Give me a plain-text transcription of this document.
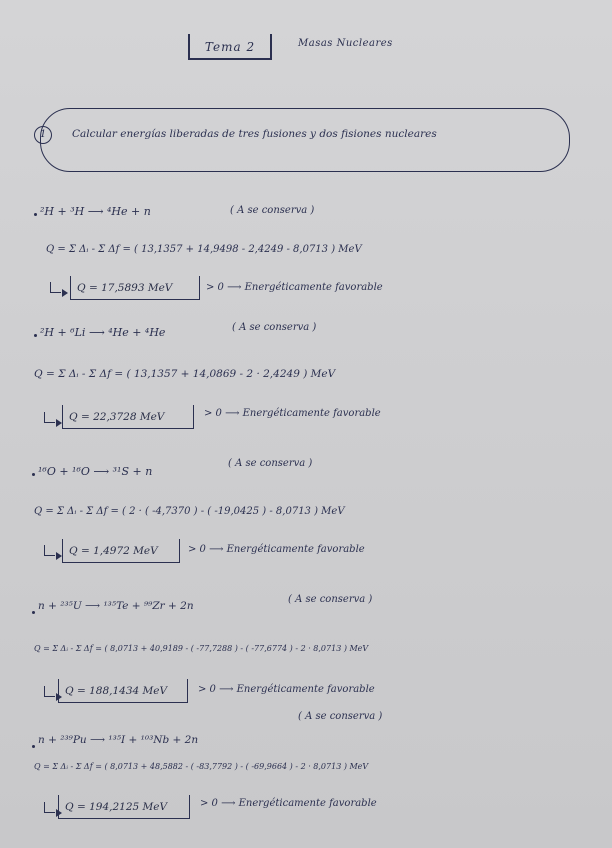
Tema 2	Masas Nucleares
1	Calcular energías liberadas de tres fusiones y dos fisiones nucleares
²H + ³H ⟶ ⁴He + n	( A se conserva )
Q = Σ Δᵢ - Σ Δf = ( 13,1357 + 14,9498 - 2,4249 - 8,0713 ) MeV
Q = 17,5893 MeV	> 0 ⟶ Energéticamente favorable
²H + ⁶Li ⟶ ⁴He + ⁴He	( A se conserva )
Q = Σ Δᵢ - Σ Δf = ( 13,1357 + 14,0869 - 2 · 2,4249 ) MeV
Q = 22,3728 MeV	> 0 ⟶ Energéticamente favorable
¹⁶O + ¹⁶O ⟶ ³¹S + n
( A se conserva )
Q = Σ Δᵢ - Σ Δf = ( 2 · ( -4,7370 ) - ( -19,0425 ) - 8,0713 ) MeV
Q = 1,4972 MeV	> 0 ⟶ Energéticamente favorable
n + ²³⁵U ⟶ ¹³⁵Te + ⁹⁹Zr + 2n
( A se conserva )
Q = Σ Δᵢ - Σ Δf = ( 8,0713 + 40,9189 - ( -77,7288 ) - ( -77,6774 ) - 2 · 8,0713 ) MeV
Q = 188,1434 MeV	> 0 ⟶ Energéticamente favorable
n + ²³⁹Pu ⟶ ¹³⁵I + ¹⁰³Nb + 2n
( A se conserva )
Q = Σ Δᵢ - Σ Δf = ( 8,0713 + 48,5882 - ( -83,7792 ) - ( -69,9664 ) - 2 · 8,0713 ) MeV
Q = 194,2125 MeV	> 0 ⟶ Energéticamente favorable
